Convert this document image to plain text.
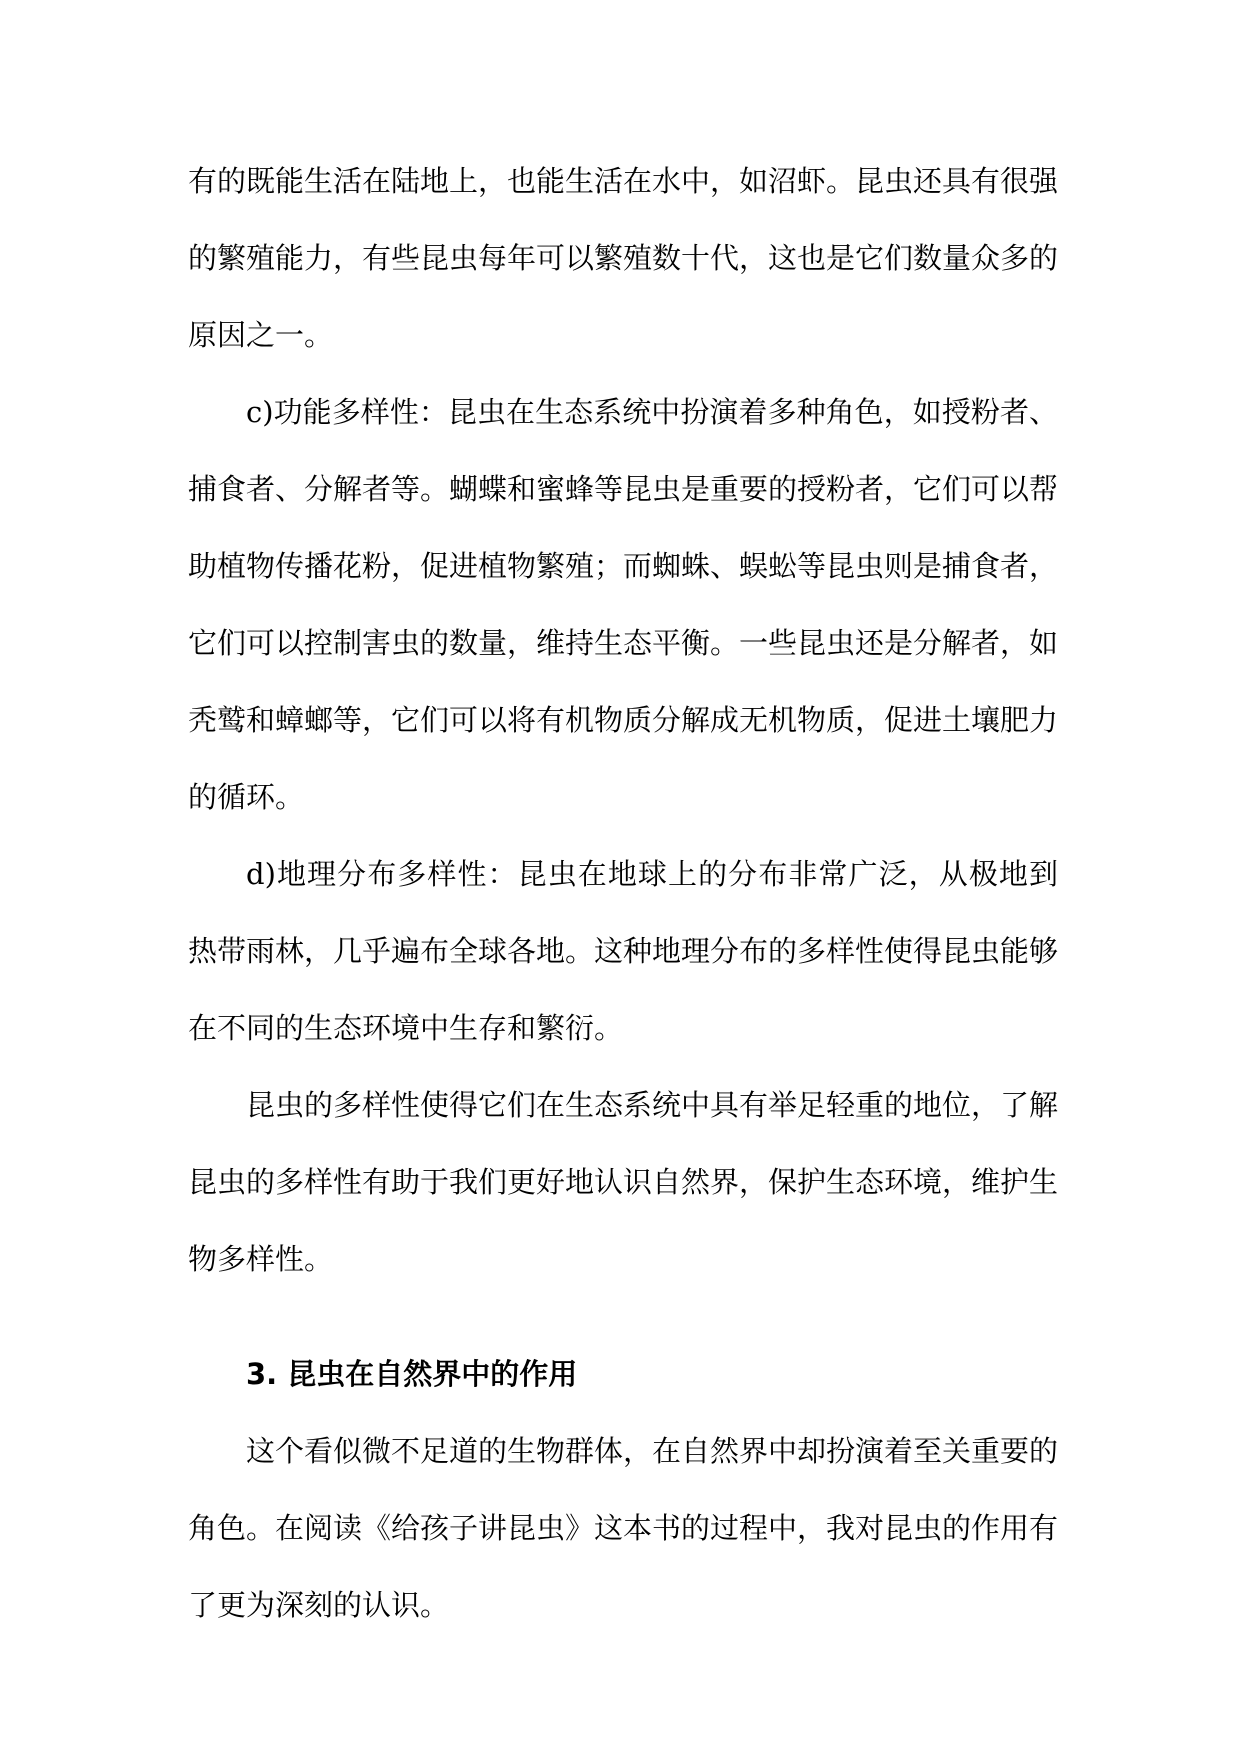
有的既能生活在陆地上，也能生活在水中，如沼虾。昆虫还具有很强的繁殖能力，有些昆虫每年可以繁殖数十代，这也是它们数量众多的原因之一。

c)功能多样性：昆虫在生态系统中扮演着多种角色，如授粉者、捕食者、分解者等。蝴蝶和蜜蜂等昆虫是重要的授粉者，它们可以帮助植物传播花粉，促进植物繁殖；而蜘蛛、蜈蚣等昆虫则是捕食者，它们可以控制害虫的数量，维持生态平衡。一些昆虫还是分解者，如秃鹫和蟑螂等，它们可以将有机物质分解成无机物质，促进土壤肥力的循环。

d)地理分布多样性：昆虫在地球上的分布非常广泛，从极地到热带雨林，几乎遍布全球各地。这种地理分布的多样性使得昆虫能够在不同的生态环境中生存和繁衍。

昆虫的多样性使得它们在生态系统中具有举足轻重的地位，了解昆虫的多样性有助于我们更好地认识自然界，保护生态环境，维护生物多样性。

3. 昆虫在自然界中的作用

这个看似微不足道的生物群体，在自然界中却扮演着至关重要的角色。在阅读《给孩子讲昆虫》这本书的过程中，我对昆虫的作用有了更为深刻的认识。
